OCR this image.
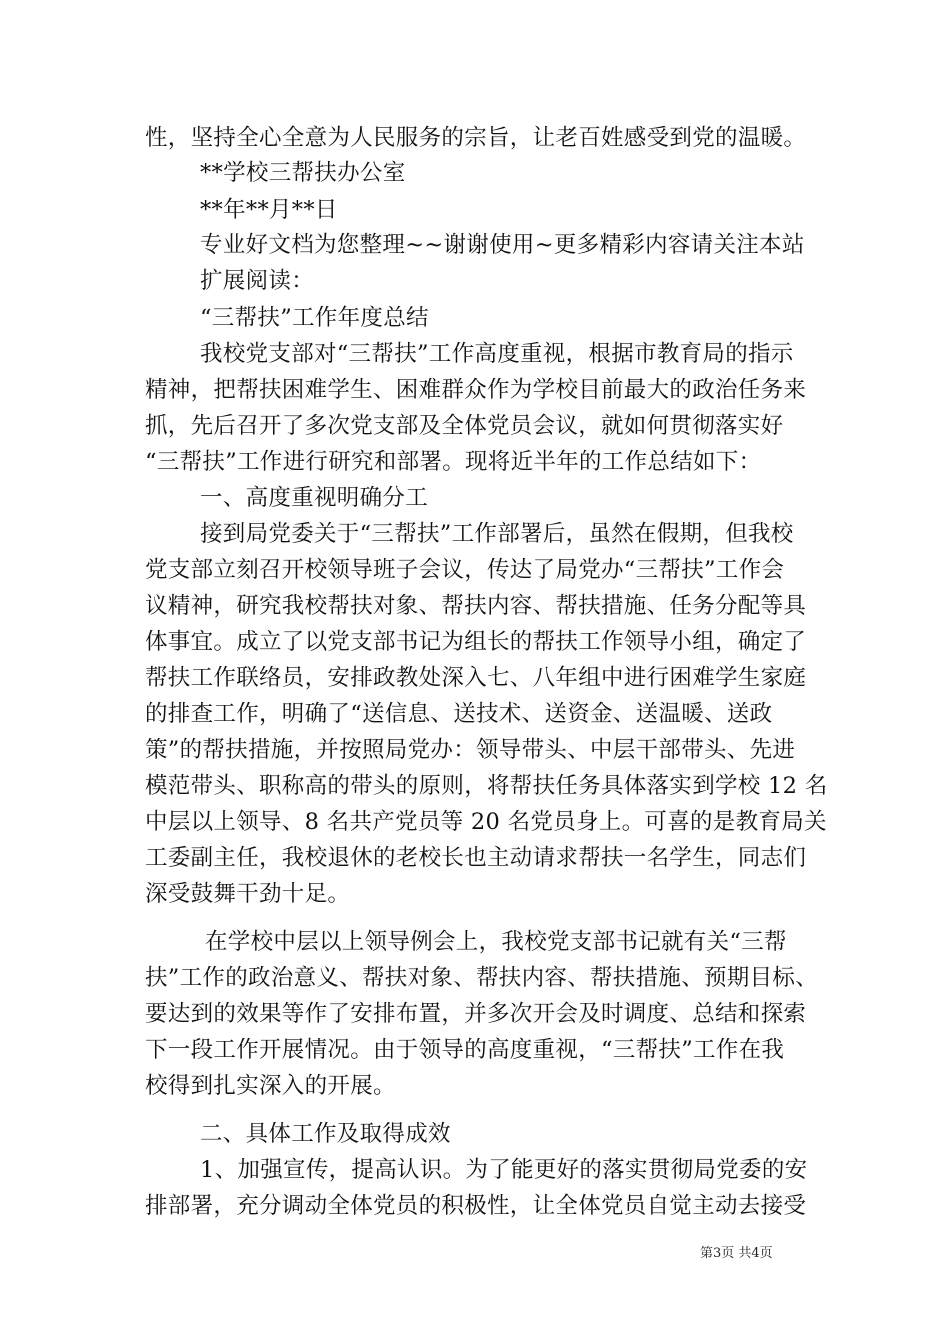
性，坚持全心全意为人民服务的宗旨，让老百姓感受到党的温暖。
**学校三帮扶办公室
**年**月**日
专业好文档为您整理~~谢谢使用~更多精彩内容请关注本站
扩展阅读：
“三帮扶”工作年度总结
我校党支部对“三帮扶”工作高度重视，根据市教育局的指示
精神，把帮扶困难学生、困难群众作为学校目前最大的政治任务来
抓，先后召开了多次党支部及全体党员会议，就如何贯彻落实好
“三帮扶”工作进行研究和部署。现将近半年的工作总结如下：
一、高度重视明确分工
接到局党委关于“三帮扶”工作部署后，虽然在假期，但我校
党支部立刻召开校领导班子会议，传达了局党办“三帮扶”工作会
议精神，研究我校帮扶对象、帮扶内容、帮扶措施、任务分配等具
体事宜。成立了以党支部书记为组长的帮扶工作领导小组，确定了
帮扶工作联络员，安排政教处深入七、八年组中进行困难学生家庭
的排查工作，明确了“送信息、送技术、送资金、送温暖、送政
策”的帮扶措施，并按照局党办：领导带头、中层干部带头、先进
模范带头、职称高的带头的原则，将帮扶任务具体落实到学校 12 名
中层以上领导、8 名共产党员等 20 名党员身上。可喜的是教育局关
工委副主任，我校退休的老校长也主动请求帮扶一名学生，同志们
深受鼓舞干劲十足。
在学校中层以上领导例会上，我校党支部书记就有关“三帮
扶”工作的政治意义、帮扶对象、帮扶内容、帮扶措施、预期目标、
要达到的效果等作了安排布置，并多次开会及时调度、总结和探索
下一段工作开展情况。由于领导的高度重视，“三帮扶”工作在我
校得到扎实深入的开展。
二、具体工作及取得成效
1、加强宣传，提高认识。为了能更好的落实贯彻局党委的安
排部署，充分调动全体党员的积极性，让全体党员自觉主动去接受
第3页 共4页
